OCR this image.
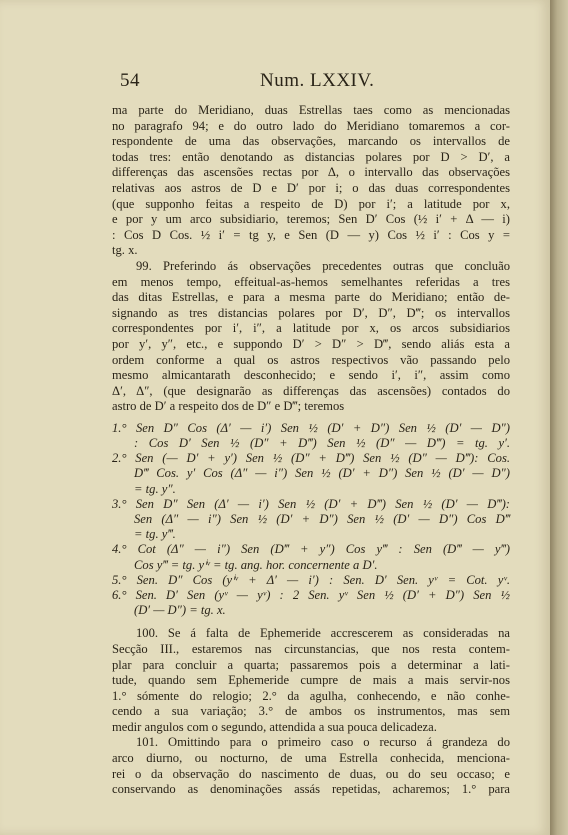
54	Num. LXXIV.
ma parte do Meridiano, duas Estrellas taes como as mencionadas
no paragrafo 94; e do outro lado do Meridiano tomaremos a cor-
respondente de uma das observações, marcando os intervallos de
todas tres: então denotando as distancias polares por D > D′, a
differenças das ascensões rectas por Δ, o intervallo das observações
relativas aos astros de D e D′ por i; o das duas correspondentes
(que supponho feitas a respeito de D) por i′; a latitude por x,
e por y um arco subsidiario, teremos; Sen D′ Cos (½ i′ + Δ — i)
: Cos D Cos. ½ i′ = tg y, e Sen (D — y) Cos ½ i′ : Cos y =
tg. x.
99. Preferindo ás observações precedentes outras que concluão
em menos tempo, effeitual-as-hemos semelhantes referidas a tres
das ditas Estrellas, e para a mesma parte do Meridiano; então de-
signando as tres distancias polares por D′, D″, D‴; os intervallos
correspondentes por i′, i″, a latitude por x, os arcos subsidiarios
por y′, y″, etc., e suppondo D′ > D″ > D‴, sendo aliás esta a
ordem conforme a qual os astros respectivos vão passando pelo
mesmo almicantarath desconhecido; e sendo i′, i″, assim como
Δ′, Δ″, (que designarão as differenças das ascensões) contados do
astro de D′ a respeito dos de D″ e D‴; teremos
1.° Sen D″ Cos (Δ′ — i′) Sen ½ (D′ + D″) Sen ½ (D′ — D″)
: Cos D′ Sen ½ (D″ + D‴) Sen ½ (D″ — D‴) = tg. y′.
2.° Sen (— D′ + y′) Sen ½ (D″ + D‴) Sen ½ (D″ — D‴): Cos.
D‴ Cos. y′ Cos (Δ″ — i″) Sen ½ (D′ + D″) Sen ½ (D′ — D″)
= tg. y″.
3.° Sen D″ Sen (Δ′ — i′) Sen ½ (D′ + D‴) Sen ½ (D′ — D‴):
Sen (Δ″ — i″) Sen ½ (D′ + D″) Sen ½ (D′ — D″) Cos D‴
= tg. y‴.
4.° Cot (Δ″ — i″) Sen (D‴ + y″) Cos y‴ : Sen (D‴ — y‴)
Cos y‴ = tg. yⁱᵛ = tg. ang. hor. concernente a D′.
5.° Sen. D″ Cos (yⁱᵛ + Δ′ — i′) : Sen. D′ Sen. yᵛ = Cot. yᵛ.
6.° Sen. D′ Sen (yᵛ — yᵛ) : 2 Sen. yᵛ Sen ½ (D′ + D″) Sen ½
(D′ — D″) = tg. x.
100. Se á falta de Ephemeride accrescerem as consideradas na
Secção III., estaremos nas circunstancias, que nos resta contem-
plar para concluir a quarta; passaremos pois a determinar a lati-
tude, quando sem Ephemeride cumpre de mais a mais servir-nos
1.° sómente do relogio; 2.° da agulha, conhecendo, e não conhe-
cendo a sua variação; 3.° de ambos os instrumentos, mas sem
medir angulos com o segundo, attendida a sua pouca delicadeza.
101. Omittindo para o primeiro caso o recurso á grandeza do
arco diurno, ou nocturno, de uma Estrella conhecida, menciona-
rei o da observação do nascimento de duas, ou do seu occaso; e
conservando as denominações assás repetidas, acharemos; 1.° para
